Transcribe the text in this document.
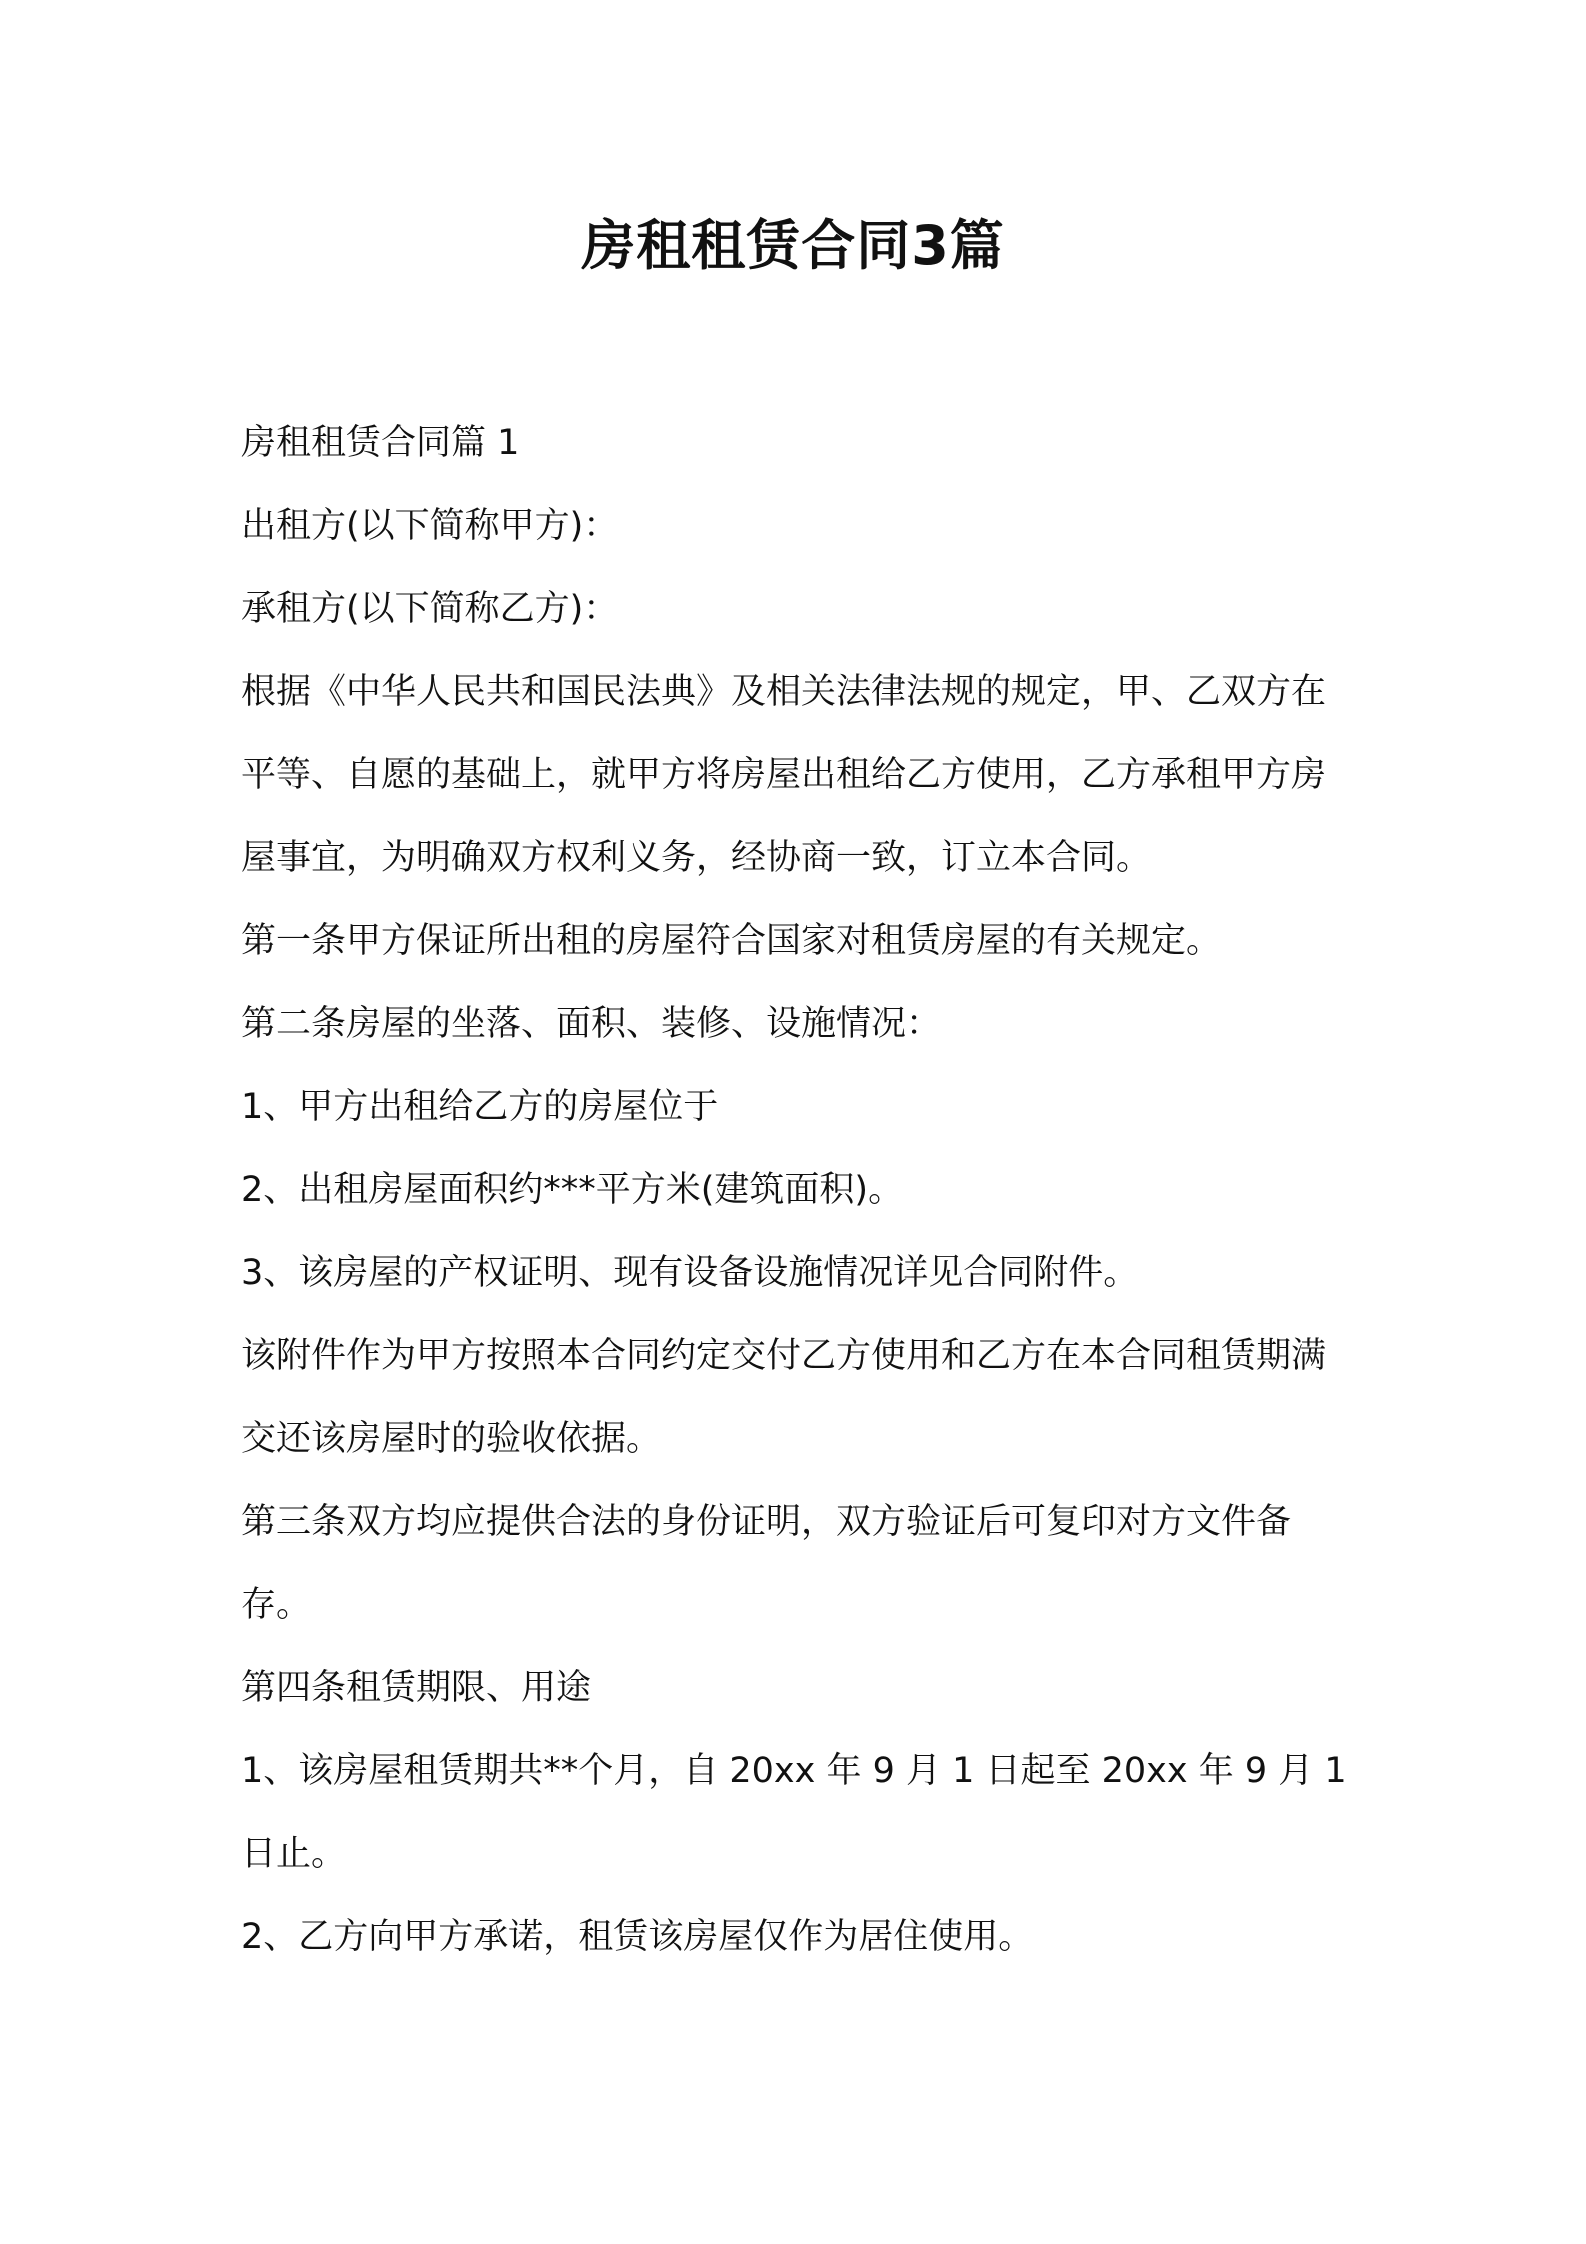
房租租赁合同3篇

房租租赁合同篇 1

出租方(以下简称甲方)：

承租方(以下简称乙方)：

根据《中华人民共和国民法典》及相关法律法规的规定，甲、乙双方在平等、自愿的基础上，就甲方将房屋出租给乙方使用，乙方承租甲方房屋事宜，为明确双方权利义务，经协商一致，订立本合同。

第一条甲方保证所出租的房屋符合国家对租赁房屋的有关规定。

第二条房屋的坐落、面积、装修、设施情况：

1、甲方出租给乙方的房屋位于

2、出租房屋面积约***平方米(建筑面积)。

3、该房屋的产权证明、现有设备设施情况详见合同附件。

该附件作为甲方按照本合同约定交付乙方使用和乙方在本合同租赁期满交还该房屋时的验收依据。

第三条双方均应提供合法的身份证明，双方验证后可复印对方文件备存。

第四条租赁期限、用途

1、该房屋租赁期共**个月，自 20xx 年 9 月 1 日起至 20xx 年 9 月 1 日止。

2、乙方向甲方承诺，租赁该房屋仅作为居住使用。
